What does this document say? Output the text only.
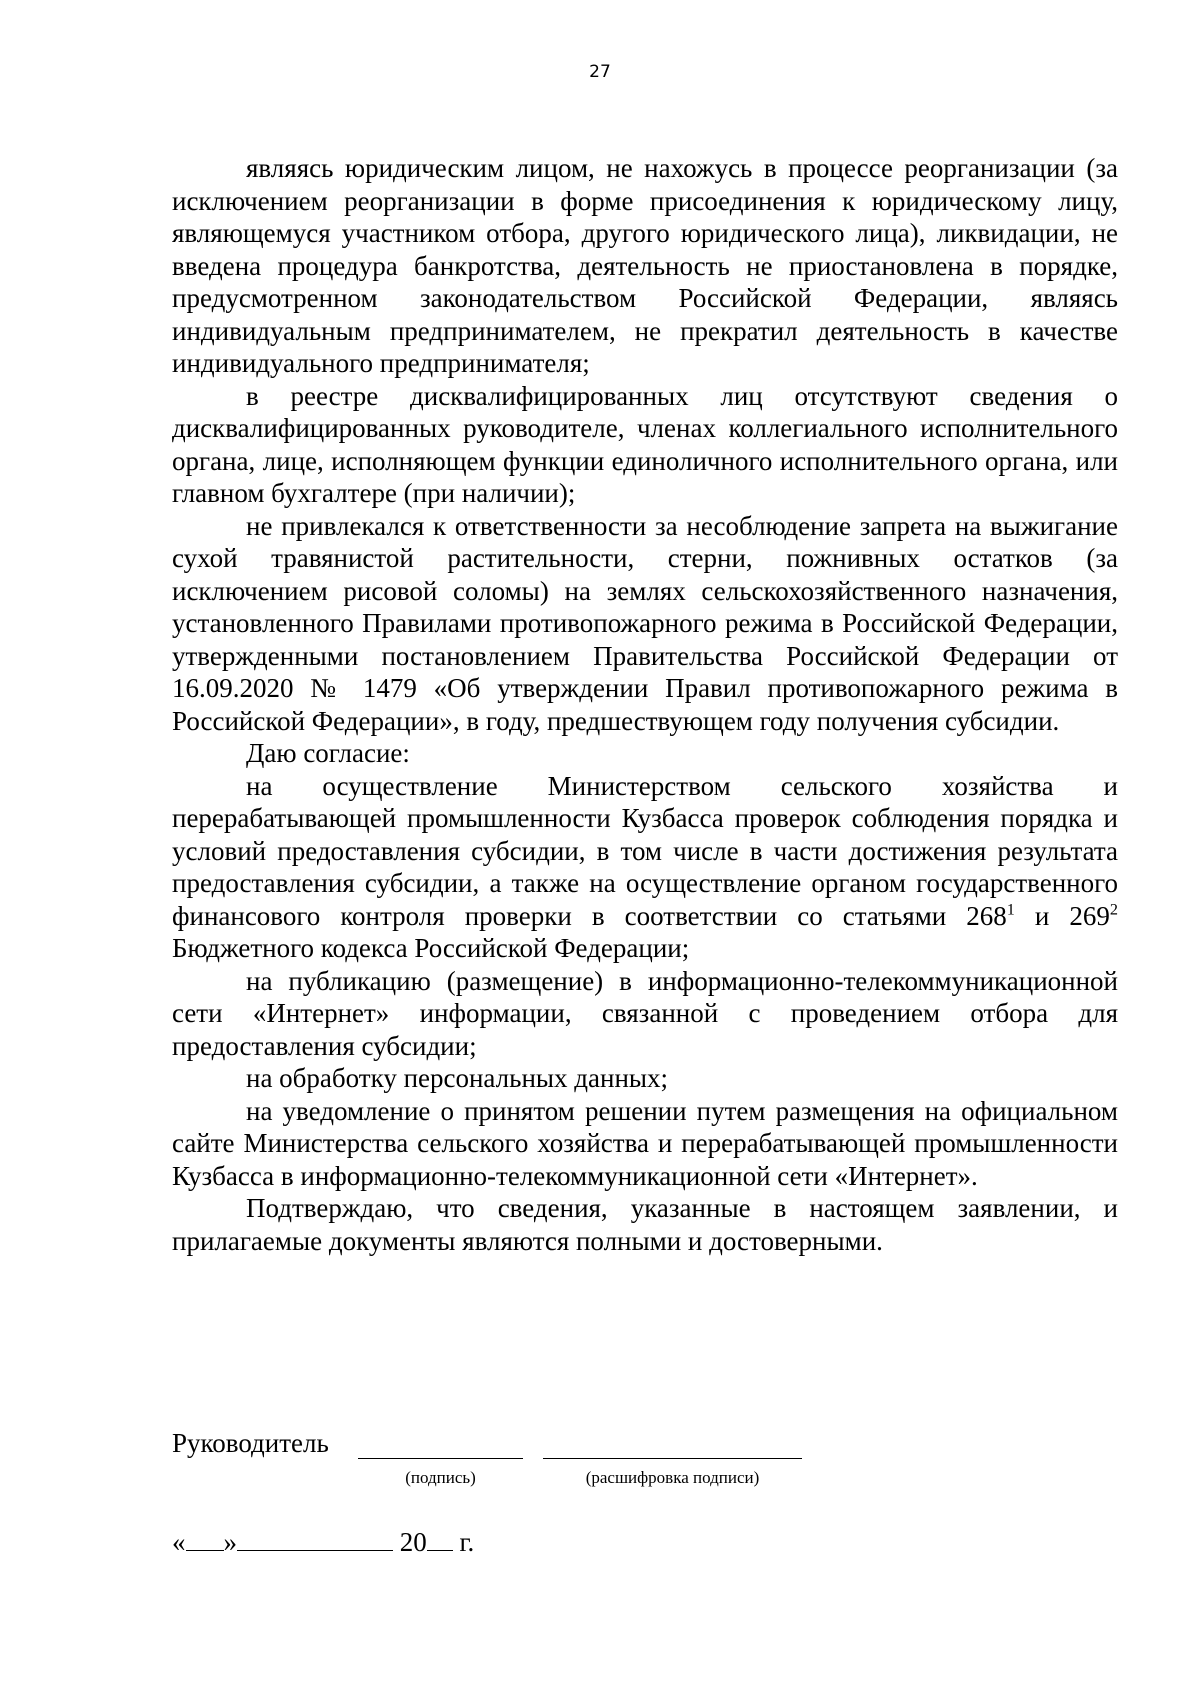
27

являясь юридическим лицом, не нахожусь в процессе реорганизации (за исключением реорганизации в форме присоединения к юридическому лицу, являющемуся участником отбора, другого юридического лица), ликвидации, не введена процедура банкротства, деятельность не приостановлена в порядке, предусмотренном законодательством Российской Федерации, являясь индивидуальным предпринимателем, не прекратил деятельность в качестве индивидуального предпринимателя;

в реестре дисквалифицированных лиц отсутствуют сведения о дисквалифицированных руководителе, членах коллегиального исполнительного органа, лице, исполняющем функции единоличного исполнительного органа, или главном бухгалтере (при наличии);

не привлекался к ответственности за несоблюдение запрета на выжигание сухой травянистой растительности, стерни, пожнивных остатков (за исключением рисовой соломы) на землях сельскохозяйственного назначения, установленного Правилами противопожарного режима в Российской Федерации, утвержденными постановлением Правительства Российской Федерации от 16.09.2020 № 1479 «Об утверждении Правил противопожарного режима в Российской Федерации», в году, предшествующем году получения субсидии.

Даю согласие:

на осуществление Министерством сельского хозяйства и перерабатывающей промышленности Кузбасса проверок соблюдения порядка и условий предоставления субсидии, в том числе в части достижения результата предоставления субсидии, а также на осуществление органом государственного финансового контроля проверки в соответствии со статьями $268^1$ и $269^2$ Бюджетного кодекса Российской Федерации;

на публикацию (размещение) в информационно-телекоммуникационной сети «Интернет» информации, связанной с проведением отбора для предоставления субсидии;

на обработку персональных данных;

на уведомление о принятом решении путем размещения на официальном сайте Министерства сельского хозяйства и перерабатывающей промышленности Кузбасса в информационно-телекоммуникационной сети «Интернет».

Подтверждаю, что сведения, указанные в настоящем заявлении, и прилагаемые документы являются полными и достоверными.

Руководитель
(подпись)	(расшифровка подписи)
« »	20 г.
